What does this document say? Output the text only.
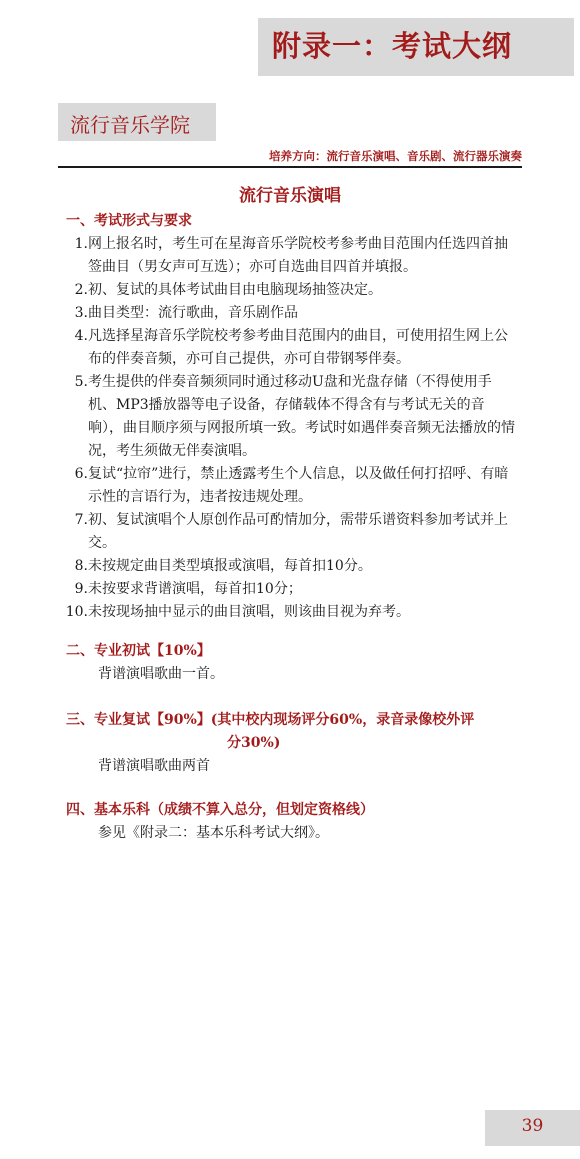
附录一：考试大纲
流行音乐学院
培养方向：流行音乐演唱、音乐剧、流行器乐演奏
流行音乐演唱
一、考试形式与要求
1.网上报名时，考生可在星海音乐学院校考参考曲目范围内任选四首抽签曲目（男女声可互选）；亦可自选曲目四首并填报。
2.初、复试的具体考试曲目由电脑现场抽签决定。
3.曲目类型：流行歌曲，音乐剧作品
4.凡选择星海音乐学院校考参考曲目范围内的曲目，可使用招生网上公布的伴奏音频，亦可自己提供，亦可自带钢琴伴奏。
5.考生提供的伴奏音频须同时通过移动U盘和光盘存储（不得使用手机、MP3播放器等电子设备，存储载体不得含有与考试无关的音响），曲目顺序须与网报所填一致。考试时如遇伴奏音频无法播放的情况，考生须做无伴奏演唱。
6.复试“拉帘”进行，禁止透露考生个人信息，以及做任何打招呼、有暗示性的言语行为，违者按违规处理。
7.初、复试演唱个人原创作品可酌情加分，需带乐谱资料参加考试并上交。
8.未按规定曲目类型填报或演唱，每首扣10分。
9.未按要求背谱演唱，每首扣10分；
10.未按现场抽中显示的曲目演唱，则该曲目视为弃考。
二、专业初试【10%】
背谱演唱歌曲一首。
三、专业复试【90%】(其中校内现场评分60%，录音录像校外评
分30%)
背谱演唱歌曲两首
四、基本乐科（成绩不算入总分，但划定资格线）
参见《附录二：基本乐科考试大纲》。
39
